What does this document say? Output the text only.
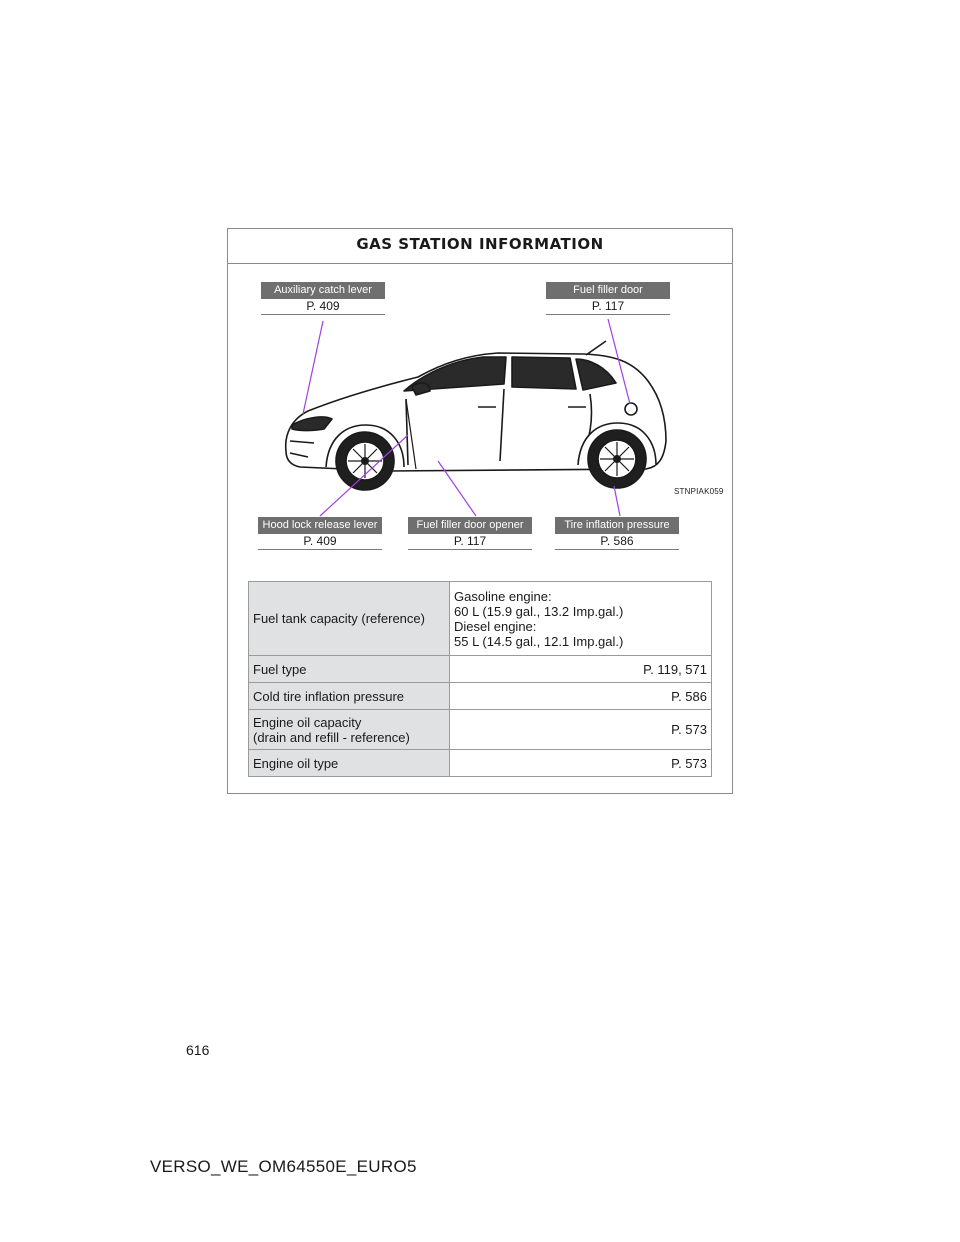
GAS STATION INFORMATION
STNPIAK059
Auxiliary catch lever
P. 409
Fuel filler door
P. 117
Hood lock release lever
P. 409
Fuel filler door opener
P. 117
Tire inflation pressure
P. 586
Fuel tank capacity (reference)	Gasoline engine:
60 L (15.9 gal., 13.2 Imp.gal.)
Diesel engine:
55 L (14.5 gal., 12.1 Imp.gal.)

Fuel type	P. 119, 571
Cold tire inflation pressure	P. 586

Engine oil capacity
(drain and refill - reference)	P. 573
Engine oil type	P. 573
616
VERSO_WE_OM64550E_EURO5
